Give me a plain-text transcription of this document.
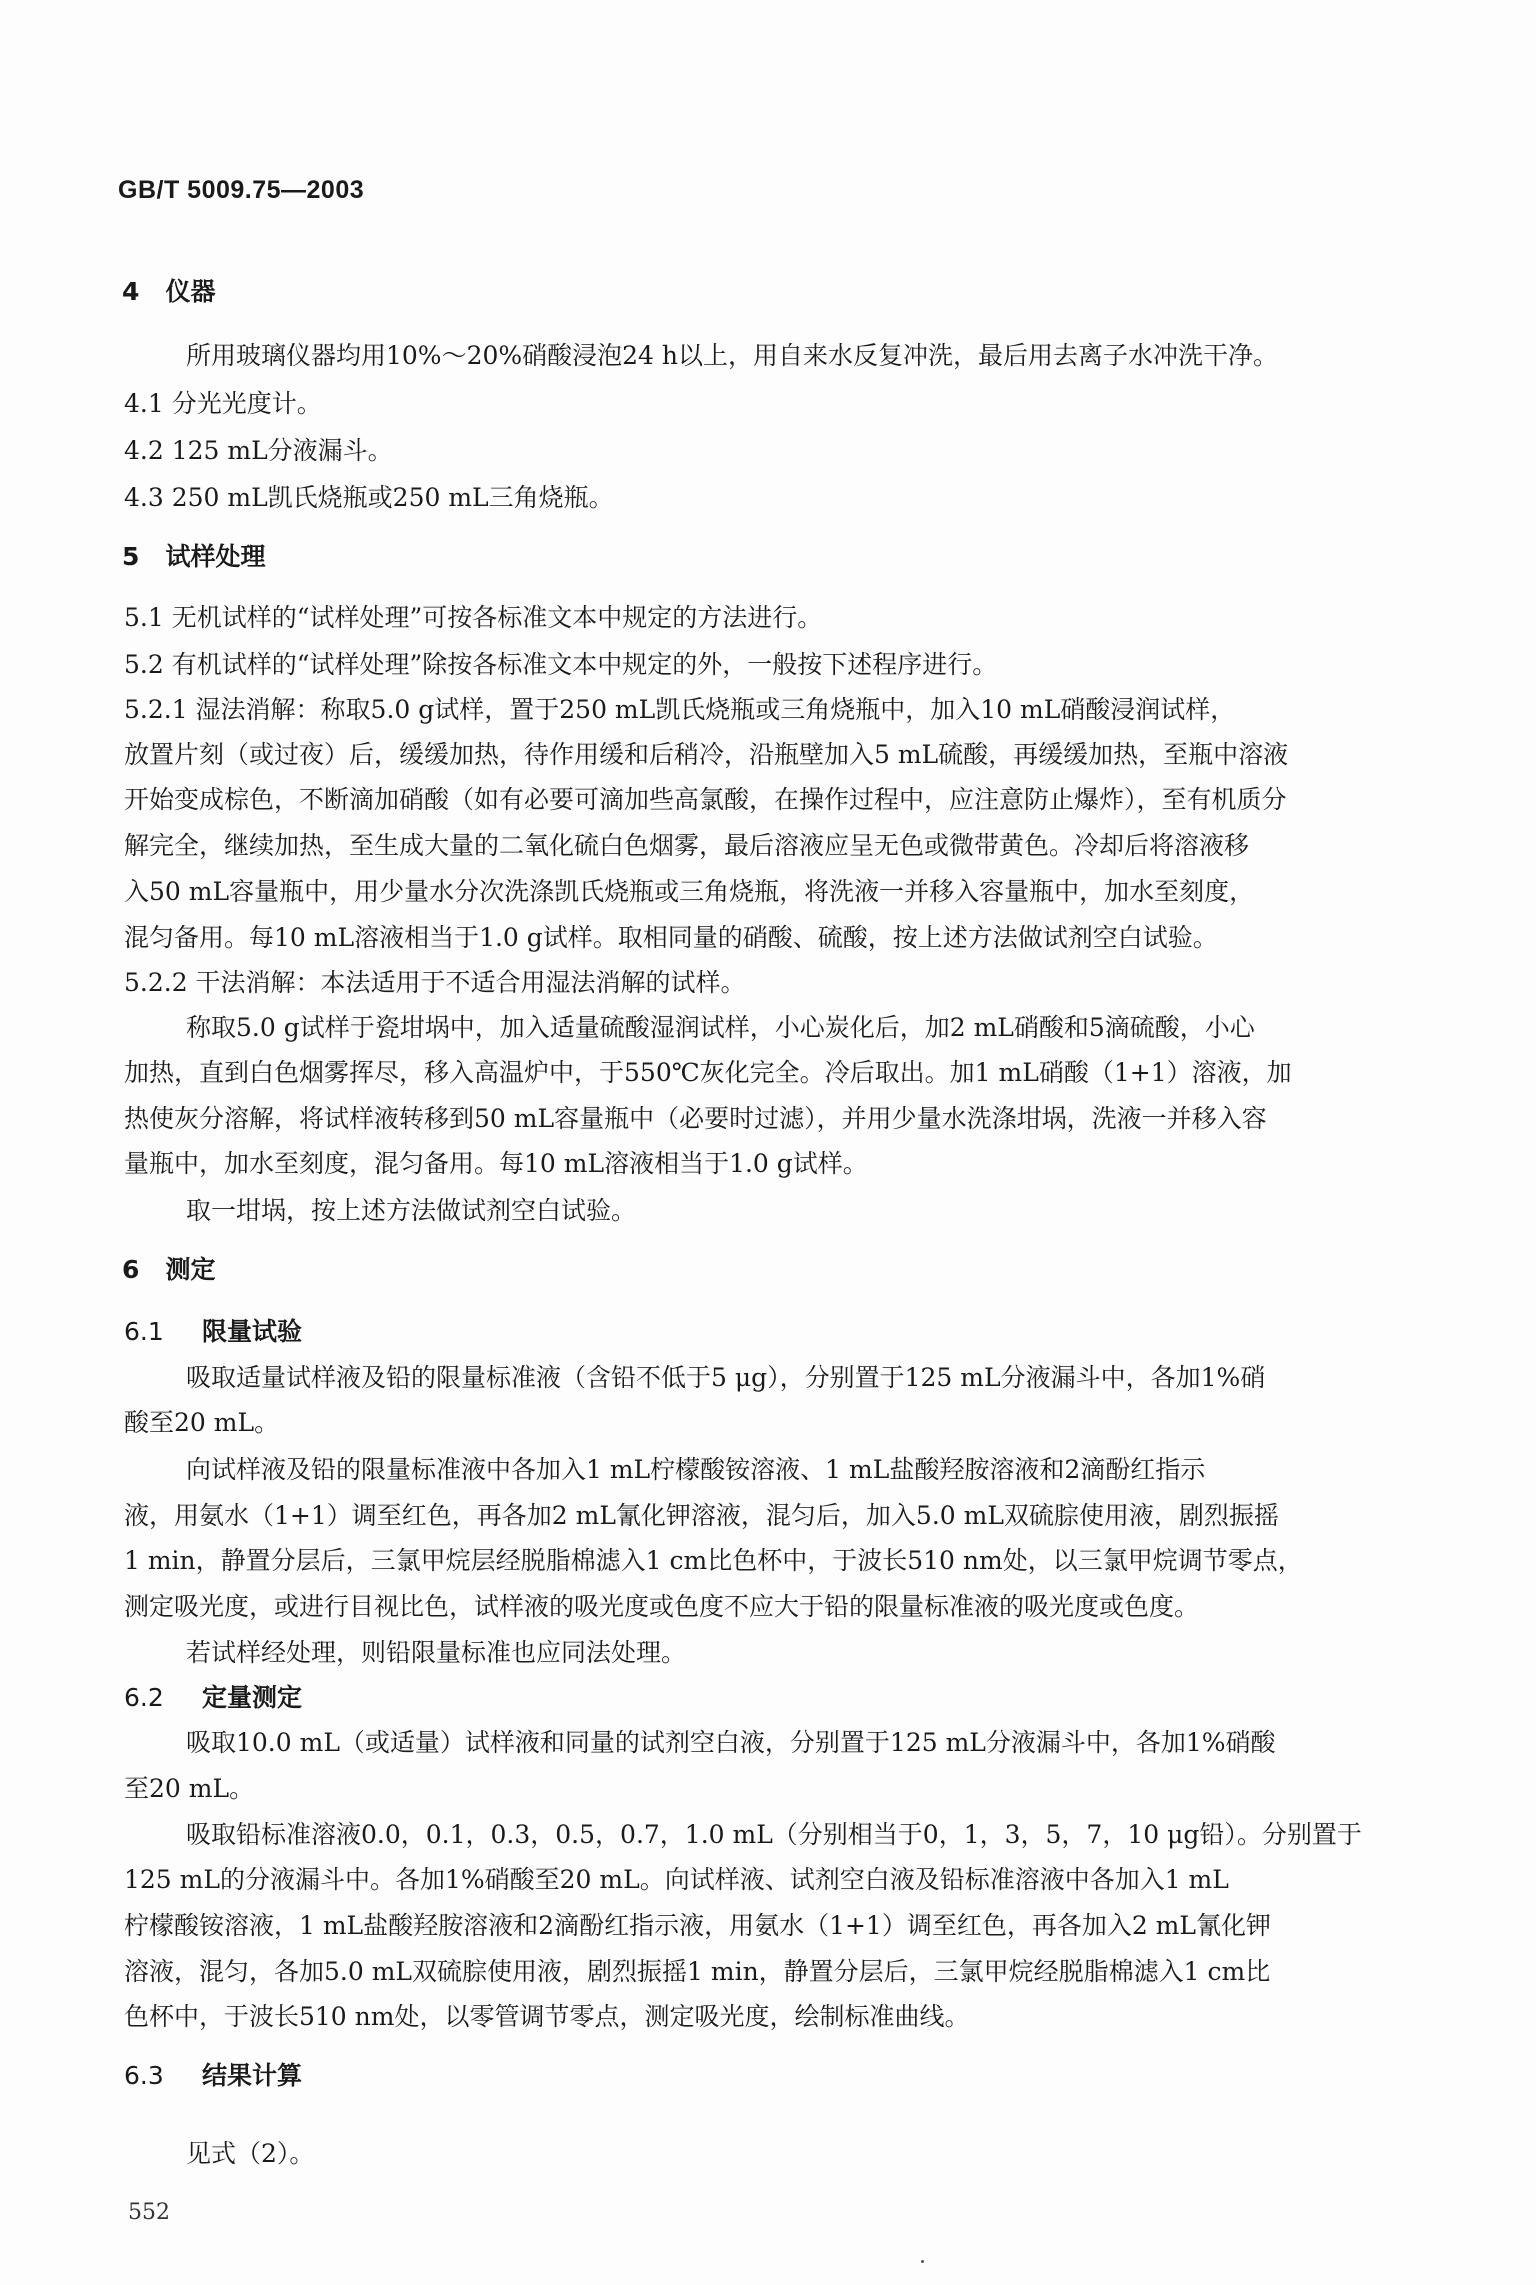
GB/T 5009.75—2003
4   仪器
所用玻璃仪器均用10%～20%硝酸浸泡24 h以上，用自来水反复冲洗，最后用去离子水冲洗干净。
4.1 分光光度计。
4.2 125 mL分液漏斗。
4.3 250 mL凯氏烧瓶或250 mL三角烧瓶。
5   试样处理
5.1 无机试样的“试样处理”可按各标准文本中规定的方法进行。
5.2 有机试样的“试样处理”除按各标准文本中规定的外，一般按下述程序进行。
5.2.1 湿法消解：称取5.0 g试样，置于250 mL凯氏烧瓶或三角烧瓶中，加入10 mL硝酸浸润试样，
放置片刻（或过夜）后，缓缓加热，待作用缓和后稍冷，沿瓶壁加入5 mL硫酸，再缓缓加热，至瓶中溶液
开始变成棕色，不断滴加硝酸（如有必要可滴加些高氯酸，在操作过程中，应注意防止爆炸），至有机质分
解完全，继续加热，至生成大量的二氧化硫白色烟雾，最后溶液应呈无色或微带黄色。冷却后将溶液移
入50 mL容量瓶中，用少量水分次洗涤凯氏烧瓶或三角烧瓶，将洗液一并移入容量瓶中，加水至刻度，
混匀备用。每10 mL溶液相当于1.0 g试样。取相同量的硝酸、硫酸，按上述方法做试剂空白试验。
5.2.2 干法消解：本法适用于不适合用湿法消解的试样。
称取5.0 g试样于瓷坩埚中，加入适量硫酸湿润试样，小心炭化后，加2 mL硝酸和5滴硫酸，小心
加热，直到白色烟雾挥尽，移入高温炉中，于550℃灰化完全。冷后取出。加1 mL硝酸（1+1）溶液，加
热使灰分溶解，将试样液转移到50 mL容量瓶中（必要时过滤），并用少量水洗涤坩埚，洗液一并移入容
量瓶中，加水至刻度，混匀备用。每10 mL溶液相当于1.0 g试样。
取一坩埚，按上述方法做试剂空白试验。
6   测定
6.1 限量试验
吸取适量试样液及铅的限量标准液（含铅不低于5 μg），分别置于125 mL分液漏斗中，各加1%硝
酸至20 mL。
向试样液及铅的限量标准液中各加入1 mL柠檬酸铵溶液、1 mL盐酸羟胺溶液和2滴酚红指示
液，用氨水（1+1）调至红色，再各加2 mL氰化钾溶液，混匀后，加入5.0 mL双硫腙使用液，剧烈振摇
1 min，静置分层后，三氯甲烷层经脱脂棉滤入1 cm比色杯中，于波长510 nm处，以三氯甲烷调节零点，
测定吸光度，或进行目视比色，试样液的吸光度或色度不应大于铅的限量标准液的吸光度或色度。
若试样经处理，则铅限量标准也应同法处理。
6.2 定量测定
吸取10.0 mL（或适量）试样液和同量的试剂空白液，分别置于125 mL分液漏斗中，各加1%硝酸
至20 mL。
吸取铅标准溶液0.0，0.1，0.3，0.5，0.7，1.0 mL（分别相当于0，1，3，5，7，10 μg铅）。分别置于
125 mL的分液漏斗中。各加1%硝酸至20 mL。向试样液、试剂空白液及铅标准溶液中各加入1 mL
柠檬酸铵溶液，1 mL盐酸羟胺溶液和2滴酚红指示液，用氨水（1+1）调至红色，再各加入2 mL氰化钾
溶液，混匀，各加5.0 mL双硫腙使用液，剧烈振摇1 min，静置分层后，三氯甲烷经脱脂棉滤入1 cm比
色杯中，于波长510 nm处，以零管调节零点，测定吸光度，绘制标准曲线。
6.3 结果计算
见式（2）。
552
